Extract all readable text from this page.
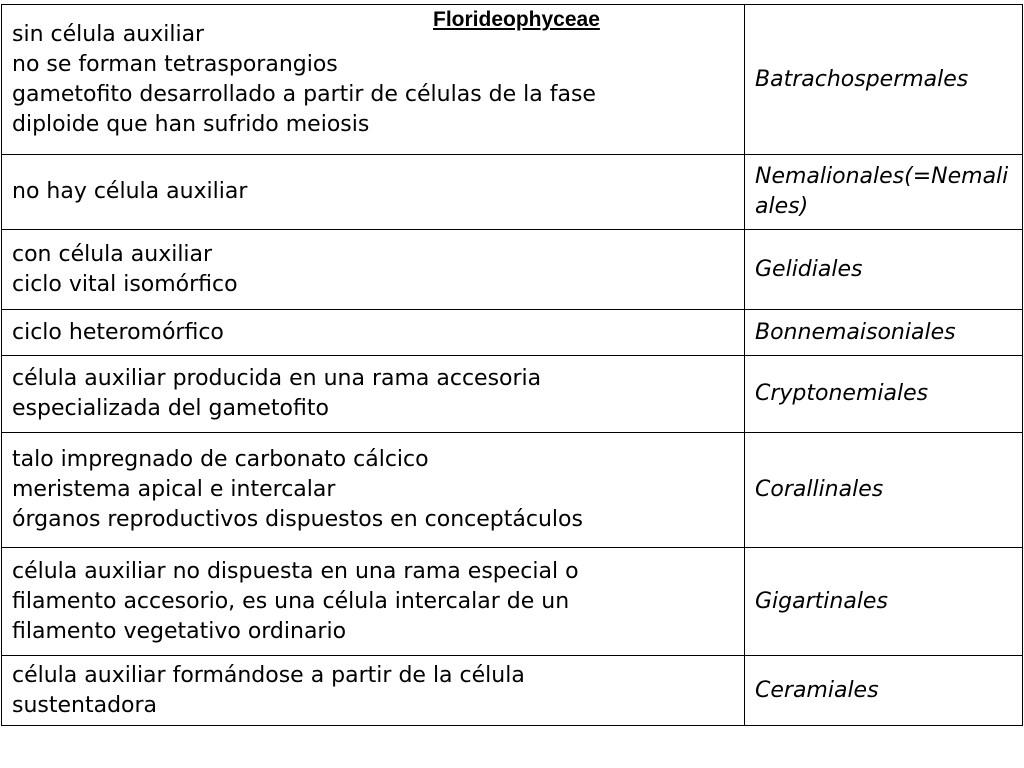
sin célula auxiliar
no se forman tetrasporangios
gametofito desarrollado a partir de células de la fase
diploide que han sufrido meiosis	Batrachospermales

no hay célula auxiliar	Nemalionales(=Nemaliales)

con célula auxiliar
ciclo vital isomórfico	Gelidiales

ciclo heteromórfico	Bonnemaisoniales

célula auxiliar producida en una rama accesoria
especializada del gametofito	Cryptonemiales

talo impregnado de carbonato cálcico
meristema apical e intercalar
órganos reproductivos dispuestos en conceptáculos	Corallinales

célula auxiliar no dispuesta en una rama especial o
filamento accesorio, es una célula intercalar de un
filamento vegetativo ordinario	Gigartinales

célula auxiliar formándose a partir de la célula
sustentadora	Ceramiales
Florideophyceae
